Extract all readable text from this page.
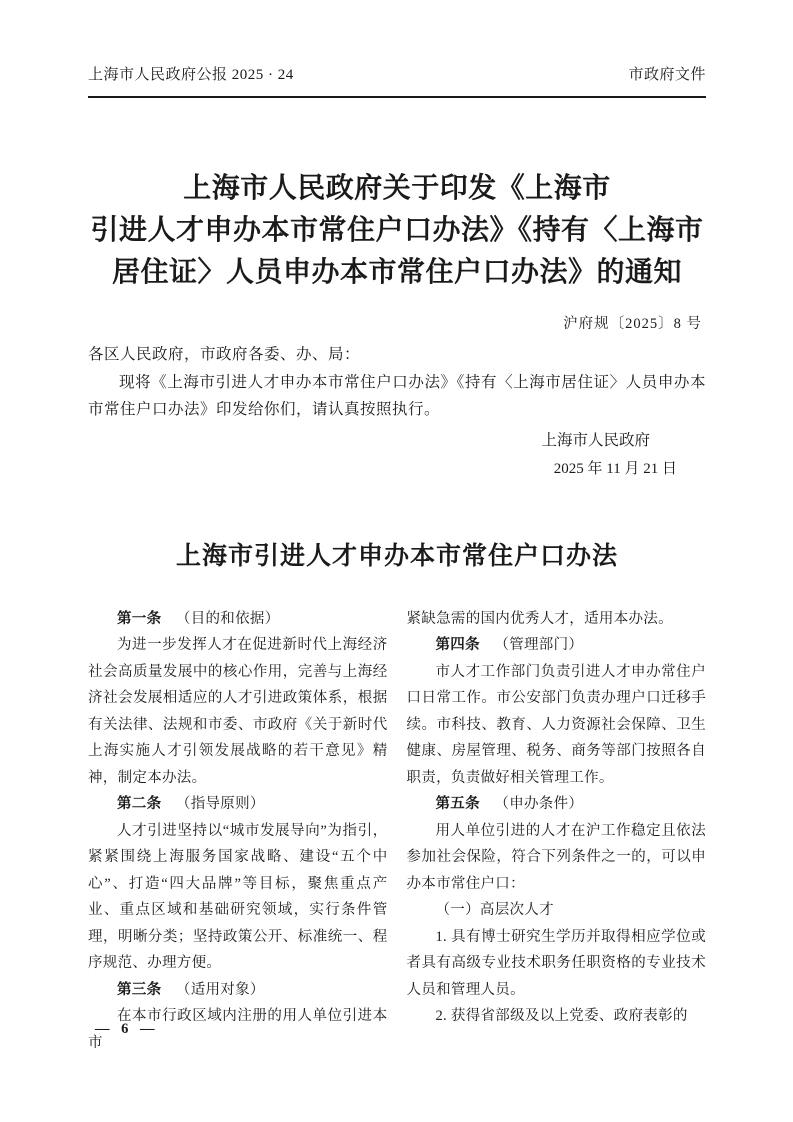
上海市人民政府公报 2025 · 24	市政府文件
上海市人民政府关于印发《上海市
引进人才申办本市常住户口办法》《持有〈上海市
居住证〉人员申办本市常住户口办法》的通知
沪府规〔2025〕8 号
各区人民政府，市政府各委、办、局：
现将《上海市引进人才申办本市常住户口办法》《持有〈上海市居住证〉人员申办本市常住户口办法》印发给你们，请认真按照执行。
上海市人民政府
2025 年 11 月 21 日
上海市引进人才申办本市常住户口办法

第一条 （目的和依据）

为进一步发挥人才在促进新时代上海经济社会高质量发展中的核心作用，完善与上海经济社会发展相适应的人才引进政策体系，根据有关法律、法规和市委、市政府《关于新时代上海实施人才引领发展战略的若干意见》精神，制定本办法。

第二条 （指导原则）

人才引进坚持以“城市发展导向”为指引，紧紧围绕上海服务国家战略、建设“五个中心”、打造“四大品牌”等目标，聚焦重点产业、重点区域和基础研究领域，实行条件管理，明晰分类；坚持政策公开、标准统一、程序规范、办理方便。

第三条 （适用对象）

在本市行政区域内注册的用人单位引进本市

紧缺急需的国内优秀人才，适用本办法。

第四条 （管理部门）

市人才工作部门负责引进人才申办常住户口日常工作。市公安部门负责办理户口迁移手续。市科技、教育、人力资源社会保障、卫生健康、房屋管理、税务、商务等部门按照各自职责，负责做好相关管理工作。

第五条 （申办条件）

用人单位引进的人才在沪工作稳定且依法参加社会保险，符合下列条件之一的，可以申办本市常住户口：

（一）高层次人才

1. 具有博士研究生学历并取得相应学位或者具有高级专业技术职务任职资格的专业技术人员和管理人员。

2. 获得省部级及以上党委、政府表彰的

— 6 —
